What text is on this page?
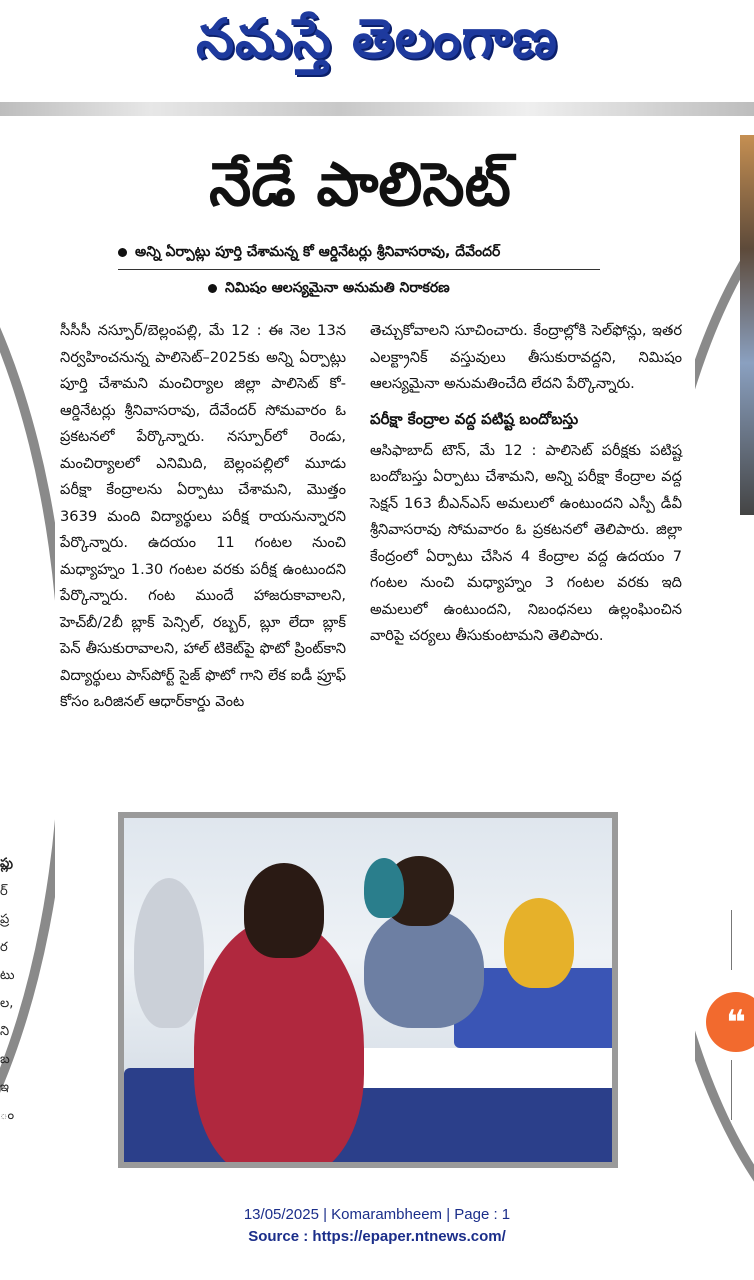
నమస్తే తెలంగాణ
నేడే పాలిసెట్
అన్ని ఏర్పాట్లు పూర్తి చేశామన్న కో ఆర్డినేటర్లు శ్రీనివాసరావు, దేవేందర్
నిమిషం ఆలస్యమైనా అనుమతి నిరాకరణ

సీసీసీ నస్పూర్/బెల్లంపల్లి, మే 12 : ఈ నెల 13న నిర్వహించనున్న పాలిసెట్–2025కు అన్ని ఏర్పాట్లు పూర్తి చేశామని మంచిర్యాల జిల్లా పాలిసెట్ కో-ఆర్డినేటర్లు శ్రీనివాసరావు, దేవేందర్ సోమవారం ఓ ప్రకటనలో పేర్కొన్నారు. నస్పూర్‌లో రెండు, మంచిర్యాలలో ఎనిమిది, బెల్లంపల్లిలో మూడు పరీక్షా కేంద్రాలను ఏర్పాటు చేశామని, మొత్తం 3639 మంది విద్యార్థులు పరీక్ష రాయనున్నారని పేర్కొన్నారు. ఉదయం 11 గంటల నుంచి మధ్యాహ్నం 1.30 గంటల వరకు పరీక్ష ఉంటుందని పేర్కొన్నారు. గంట ముందే హాజరుకావాలని, హెచ్‌బీ/2బీ బ్లాక్ పెన్సిల్, రబ్బర్, బ్లూ లేదా బ్లాక్ పెన్ తీసుకురావాలని, హాల్ టికెట్‌పై ఫొటో ప్రింట్‌కాని విద్యార్థులు పాస్‌పోర్ట్ సైజ్ ఫొటో గాని లేక ఐడీ ప్రూఫ్ కోసం ఒరిజినల్ ఆధార్‌కార్డు వెంట

తెచ్చుకోవాలని సూచించారు. కేంద్రాల్లోకి సెల్‌ఫోన్లు, ఇతర ఎలక్ట్రానిక్ వస్తువులు తీసుకురావద్దని, నిమిషం ఆలస్యమైనా అనుమతించేది లేదని పేర్కొన్నారు.

పరీక్షా కేంద్రాల వద్ద పటిష్ట బందోబస్తు

ఆసిఫాబాద్ టౌన్, మే 12 : పాలిసెట్ పరీక్షకు పటిష్ట బందోబస్తు ఏర్పాటు చేశామని, అన్ని పరీక్షా కేంద్రాల వద్ద సెక్షన్ 163 బీఎన్ఎస్ అమలులో ఉంటుందని ఎస్పీ డీవీ శ్రీనివాసరావు సోమవారం ఓ ప్రకటనలో తెలిపారు. జిల్లా కేంద్రంలో ఏర్పాటు చేసిన 4 కేంద్రాల వద్ద ఉదయం 7 గంటల నుంచి మధ్యాహ్నం 3 గంటల వరకు ఇది అమలులో ఉంటుందని, నిబంధనలు ఉల్లంఘించిన వారిపై చర్యలు తీసుకుంటామని తెలిపారు.

ప్లు
ర్
ప్ర
ర
టు
ల,
ని
బ
ఇ
ం
❝
13/05/2025 | Komarambheem | Page : 1
Source : https://epaper.ntnews.com/
